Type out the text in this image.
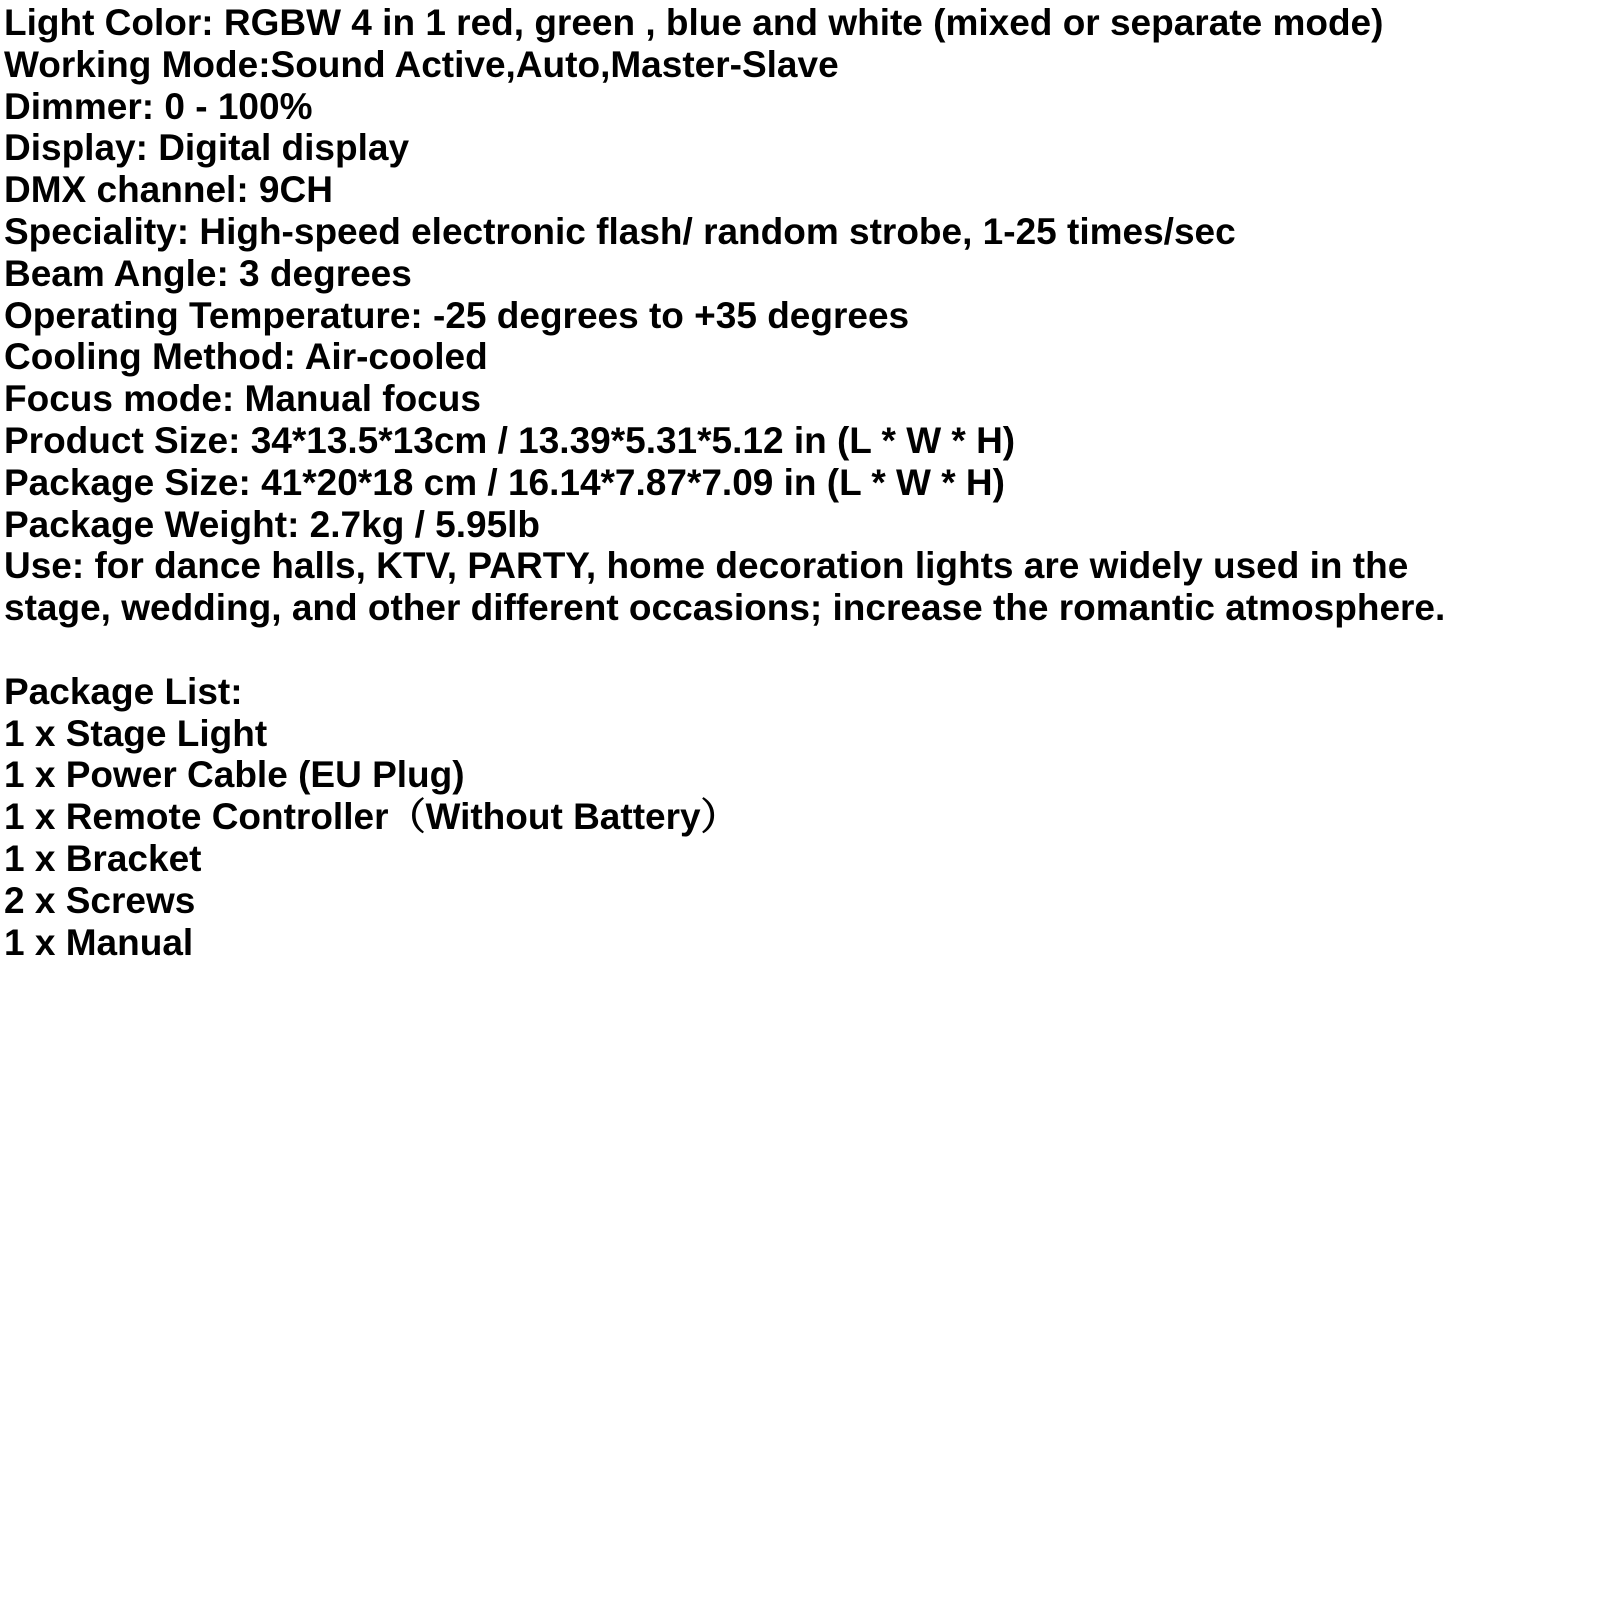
Light Color: RGBW 4 in 1 red, green , blue and white (mixed or separate mode)
Working Mode:Sound Active,Auto,Master-Slave
Dimmer: 0 - 100%
Display: Digital display
DMX channel: 9CH
Speciality: High-speed electronic flash/ random strobe, 1-25 times/sec
Beam Angle: 3 degrees
Operating Temperature: -25 degrees to +35 degrees
Cooling Method: Air-cooled
Focus mode: Manual focus
Product Size: 34*13.5*13cm / 13.39*5.31*5.12 in (L * W * H)
Package Size: 41*20*18 cm / 16.14*7.87*7.09 in (L * W * H)
Package Weight: 2.7kg / 5.95lb
Use: for dance halls, KTV, PARTY, home decoration lights are widely used in the
stage, wedding, and other different occasions; increase the romantic atmosphere.
Package List:
1 x Stage Light
1 x Power Cable (EU Plug)
1 x Remote Controller（Without Battery）
1 x Bracket
2 x Screws
1 x Manual
